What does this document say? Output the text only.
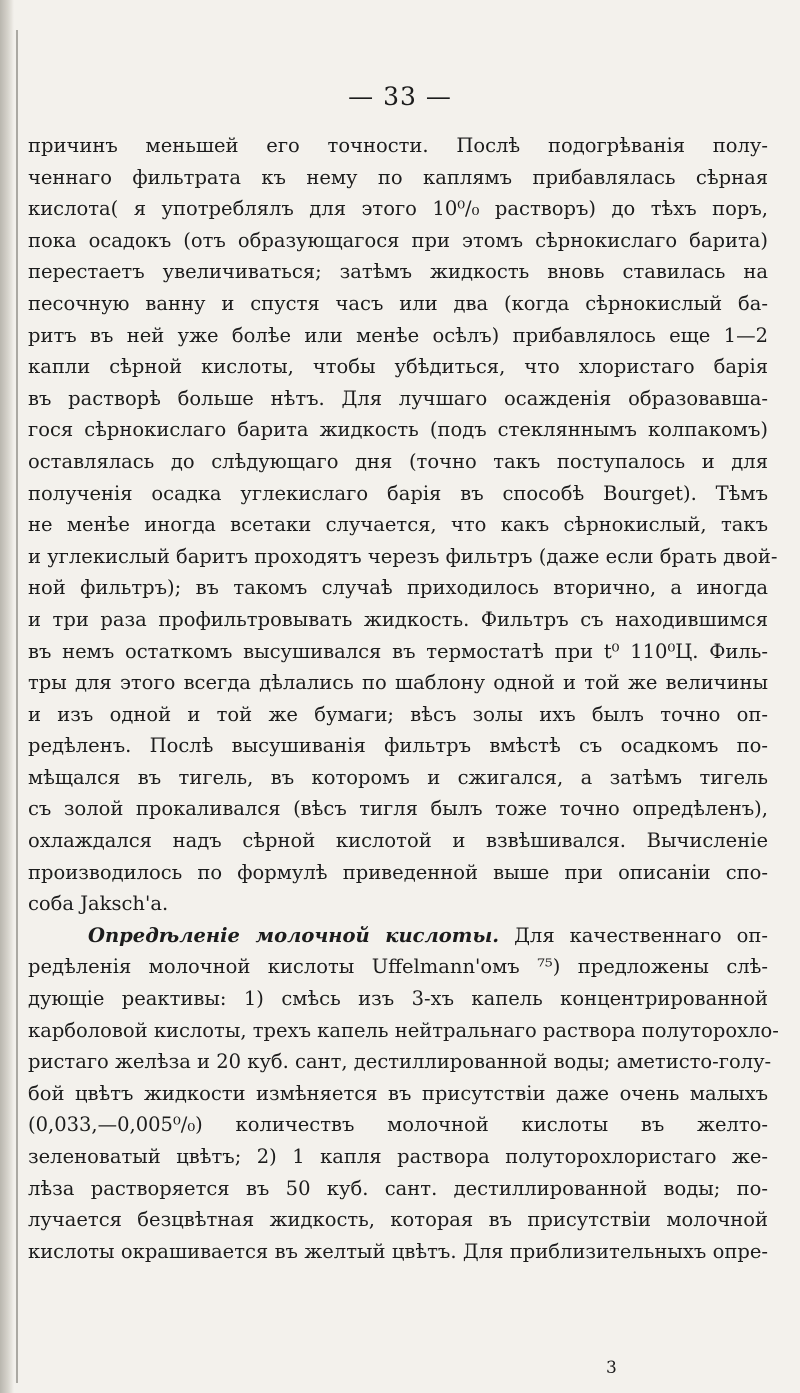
— 33 —
причинъ меньшей его точности. Послѣ подогрѣванія полу-
ченнаго фильтрата къ нему по каплямъ прибавлялась сѣрная
кислота( я употреблялъ для этого 10⁰/₀ растворъ) до тѣхъ поръ,
пока осадокъ (отъ образующагося при этомъ сѣрнокислаго барита)
перестаетъ увеличиваться; затѣмъ жидкость вновь ставилась на
песочную ванну и спустя часъ или два (когда сѣрнокислый ба-
ритъ въ ней уже болѣе или менѣе осѣлъ) прибавлялось еще 1—2
капли сѣрной кислоты, чтобы убѣдиться, что хлористаго барія
въ растворѣ больше нѣтъ. Для лучшаго осажденія образовавша-
гося сѣрнокислаго барита жидкость (подъ стекляннымъ колпакомъ)
оставлялась до слѣдующаго дня (точно такъ поступалось и для
полученія осадка углекислаго барія въ способѣ Bourget). Тѣмъ
не менѣе иногда всетаки случается, что какъ сѣрнокислый, такъ
и углекислый баритъ проходятъ черезъ фильтръ (даже если брать двой-
ной фильтръ); въ такомъ случаѣ приходилось вторично, а иногда
и три раза профильтровывать жидкость. Фильтръ съ находившимся
въ немъ остаткомъ высушивался въ термостатѣ при t⁰ 110⁰Ц. Филь-
тры для этого всегда дѣлались по шаблону одной и той же величины
и изъ одной и той же бумаги; вѣсъ золы ихъ былъ точно оп-
редѣленъ. Послѣ высушиванія фильтръ вмѣстѣ съ осадкомъ по-
мѣщался въ тигель, въ которомъ и сжигался, а затѣмъ тигель
съ золой прокаливался (вѣсъ тигля былъ тоже точно опредѣленъ),
охлаждался надъ сѣрной кислотой и взвѣшивался. Вычисленіе
производилось по формулѣ приведенной выше при описаніи спо-
соба Jaksch'a.
Опредѣленіе молочной кислоты. Для качественнаго оп-
редѣленія молочной кислоты Uffelmann'омъ ⁷⁵) предложены слѣ-
дующіе реактивы: 1) смѣсь изъ 3-хъ капель концентрированной
карболовой кислоты, трехъ капель нейтральнаго раствора полуторохло-
ристаго желѣза и 20 куб. сант, дестиллированной воды; аметисто-голу-
бой цвѣтъ жидкости измѣняется въ присутствіи даже очень малыхъ
(0,033,—0,005⁰/₀) количествъ молочной кислоты въ желто-
зеленоватый цвѣтъ; 2) 1 капля раствора полуторохлористаго же-
лѣза растворяется въ 50 куб. сант. дестиллированной воды; по-
лучается безцвѣтная жидкость, которая въ присутствіи молочной
кислоты окрашивается въ желтый цвѣтъ. Для приблизительныхъ опре-
3
